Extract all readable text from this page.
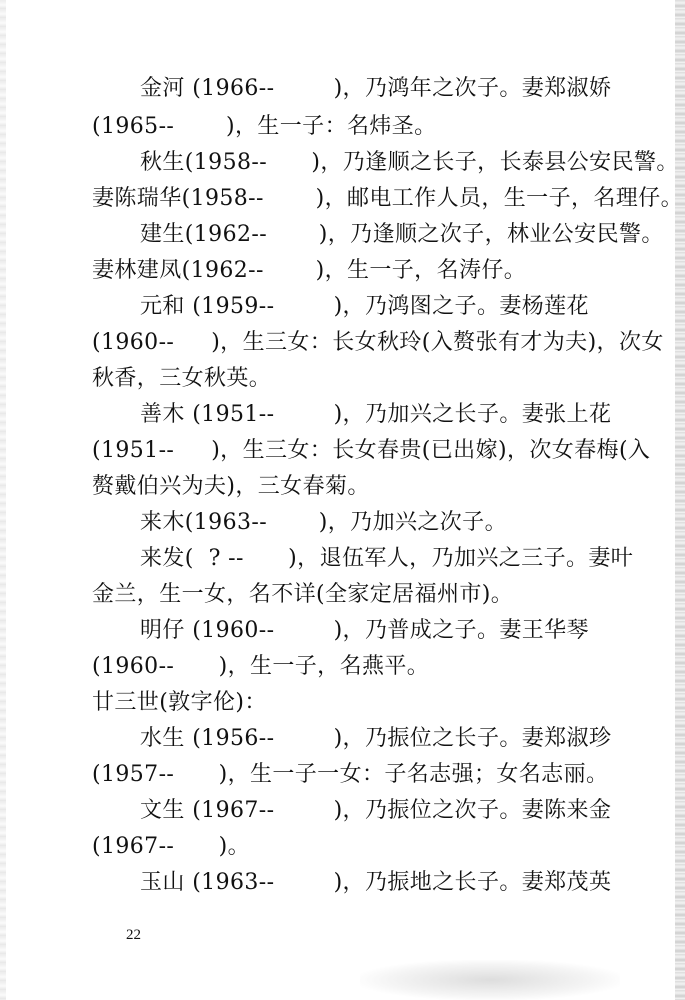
金河 (1966--        )，乃鸿年之次子。妻郑淑娇
(1965--       )，生一子：名炜圣。
秋生(1958--      )，乃逢顺之长子，长泰县公安民警。
妻陈瑞华(1958--       )，邮电工作人员，生一子，名理仔。
建生(1962--       )，乃逢顺之次子，林业公安民警。
妻林建凤(1962--       )，生一子，名涛仔。
元和 (1959--        )，乃鸿图之子。妻杨莲花
(1960--     )，生三女：长女秋玲(入赘张有才为夫)，次女
秋香，三女秋英。
善木 (1951--        )，乃加兴之长子。妻张上花
(1951--     )，生三女：长女春贵(已出嫁)，次女春梅(入
赘戴伯兴为夫)，三女春菊。
来木(1963--       )，乃加兴之次子。
来发(  ? --      )，退伍军人，乃加兴之三子。妻叶
金兰，生一女，名不详(全家定居福州市)。
明仔 (1960--        )，乃普成之子。妻王华琴
(1960--      )，生一子，名燕平。
廿三世(敦字伦)：
水生 (1956--        )，乃振位之长子。妻郑淑珍
(1957--      )，生一子一女：子名志强；女名志丽。
文生 (1967--        )，乃振位之次子。妻陈来金
(1967--      )。
玉山 (1963--        )，乃振地之长子。妻郑茂英
22
